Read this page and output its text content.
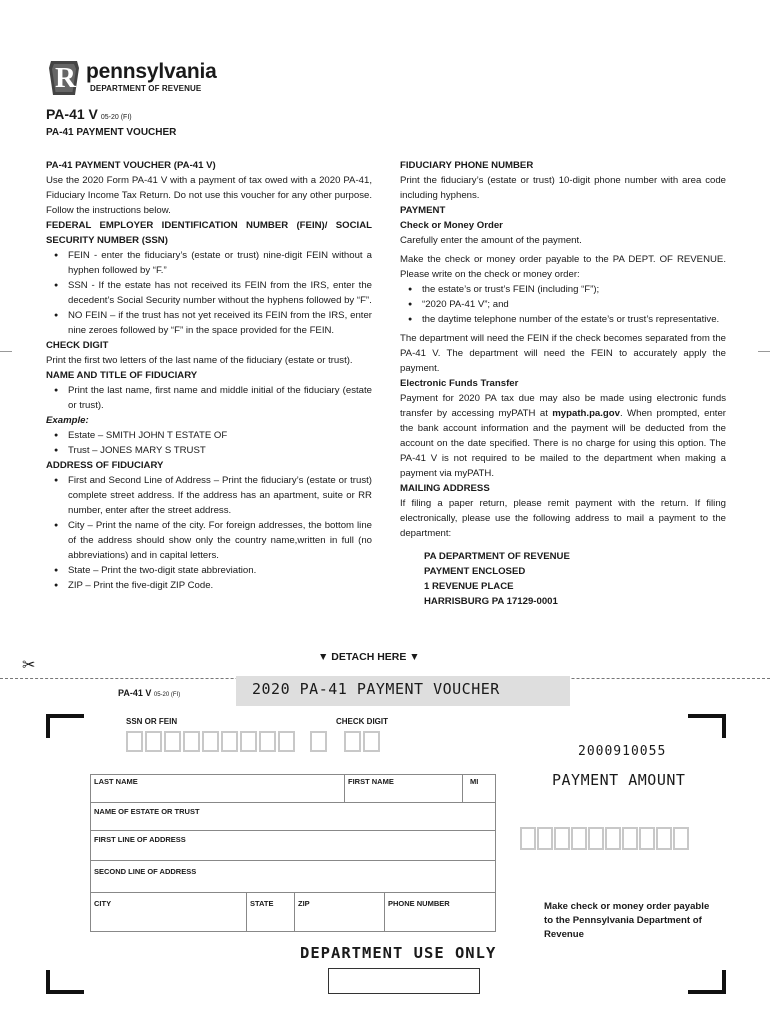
R pennsylvania
DEPARTMENT OF REVENUE
PA-41 V 05-20 (FI)
PA-41 PAYMENT VOUCHER

PA-41 PAYMENT VOUCHER (PA-41 V)

Use the 2020 Form PA-41 V with a payment of tax owed with a 2020 PA-41, Fiduciary Income Tax Return. Do not use this voucher for any other purpose. Follow the instructions below.

FEDERAL EMPLOYER IDENTIFICATION NUMBER (FEIN)/ SOCIAL SECURITY NUMBER (SSN)

● FEIN - enter the fiduciary’s (estate or trust) nine-digit FEIN without a hyphen followed by “F.”
● SSN - If the estate has not received its FEIN from the IRS, enter the decedent’s Social Security number without the hyphens followed by “F”.
● NO FEIN – if the trust has not yet received its FEIN from the IRS, enter nine zeroes followed by “F” in the space provided for the FEIN.

CHECK DIGIT

Print the first two letters of the last name of the fiduciary (estate or trust).

NAME AND TITLE OF FIDUCIARY

● Print the last name, first name and middle initial of the fiduciary (estate or trust).

Example:

● Estate – SMITH JOHN T ESTATE OF
● Trust – JONES MARY S TRUST

ADDRESS OF FIDUCIARY

● First and Second Line of Address – Print the fiduciary’s (estate or trust) complete street address. If the address has an apartment, suite or RR number, enter after the street address.
● City – Print the name of the city. For foreign addresses, the bottom line of the address should show only the country name,written in full (no abbreviations) and in capital letters.
● State – Print the two-digit state abbreviation.
● ZIP – Print the five-digit ZIP Code.

FIDUCIARY PHONE NUMBER

Print the fiduciary’s (estate or trust) 10-digit phone number with area code including hyphens.

PAYMENT

Check or Money Order

Carefully enter the amount of the payment.

Make the check or money order payable to the PA DEPT. OF REVENUE. Please write on the check or money order:

● the estate’s or trust’s FEIN (including “F”);
● “2020 PA-41 V”; and
● the daytime telephone number of the estate’s or trust’s representative.

The department will need the FEIN if the check becomes separated from the PA-41 V. The department will need the FEIN to accurately apply the payment.

Electronic Funds Transfer

Payment for 2020 PA tax due may also be made using electronic funds transfer by accessing myPATH at mypath.pa.gov. When prompted, enter the bank account information and the payment will be deducted from the account on the date specified. There is no charge for using this option. The PA-41 V is not required to be mailed to the department when making a payment via myPATH.

MAILING ADDRESS

If filing a paper return, please remit payment with the return. If filing electronically, please use the following address to mail a payment to the department:

PA DEPARTMENT OF REVENUE

PAYMENT ENCLOSED

1 REVENUE PLACE

HARRISBURG PA 17129-0001

▼ DETACH HERE ▼
✂
PA-41 V 05-20 (FI)	2020 PA-41 PAYMENT VOUCHER
SSN OR FEIN	CHECK DIGIT
2000910055
PAYMENT AMOUNT
LAST NAME	FIRST NAME	MI
NAME OF ESTATE OR TRUST
FIRST LINE OF ADDRESS
SECOND LINE OF ADDRESS
CITY	STATE	ZIP	PHONE NUMBER	Make check or money order payable to the Pennsylvania Department of Revenue
DEPARTMENT USE ONLY
